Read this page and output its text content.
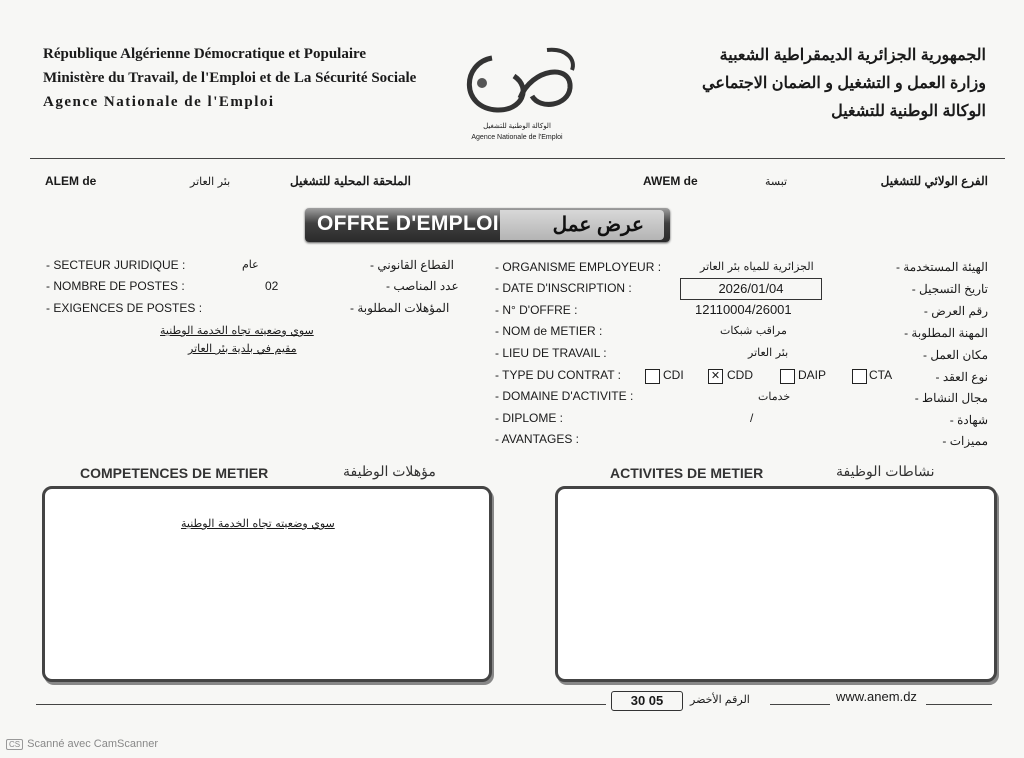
République Algérienne Démocratique et Populaire
Ministère du Travail, de l'Emploi et de La Sécurité Sociale
Agence Nationale de l'Emploi
الوكالة الوطنية للتشغيل
Agence Nationale de l'Emploi
الجمهورية الجزائرية الديمقراطية الشعبية
وزارة العمل و التشغيل و الضمان الاجتماعي
الوكالة الوطنية للتشغيل
ALEM de	بئر العاتر	الملحقة المحلية للتشغيل	AWEM de	تبسة	الفرع الولائي للتشغيل
OFFRE D'EMPLOI	عرض عمل
- SECTEUR JURIDIQUE :	عام	القطاع القانوني -
- NOMBRE DE POSTES :	02	عدد المناصب -
- EXIGENCES DE POSTES :	المؤهلات المطلوبة -
سوي وضعيته تجاه الخدمة الوطنية
مقيم في بلدية بئر العاتر
- ORGANISME EMPLOYEUR :	الجزائرية للمياه بئر العاتر	الهيئة المستخدمة -
- DATE D'INSCRIPTION :	2026/01/04	تاريخ التسجيل -
- N° D'OFFRE :	12110004/26001	رقم العرض -
- NOM de METIER :	مراقب شبكات	المهنة المطلوبة -
- LIEU DE TRAVAIL :	بئر العاتر	مكان العمل -
- TYPE DU CONTRAT :	CDI ✕ CDD	DAIP	CTA	نوع العقد -
- DOMAINE D'ACTIVITE :	خدمات	مجال النشاط -
- DIPLOME :	/	شهادة -
- AVANTAGES :	مميزات -
COMPETENCES DE METIER	مؤهلات الوظيفة	ACTIVITES DE METIER	نشاطات الوظيفة
سوي وضعيته تجاه الخدمة الوطنية
30 05	الرقم الأخضر	www.anem.dz
CS Scanné avec CamScanner
